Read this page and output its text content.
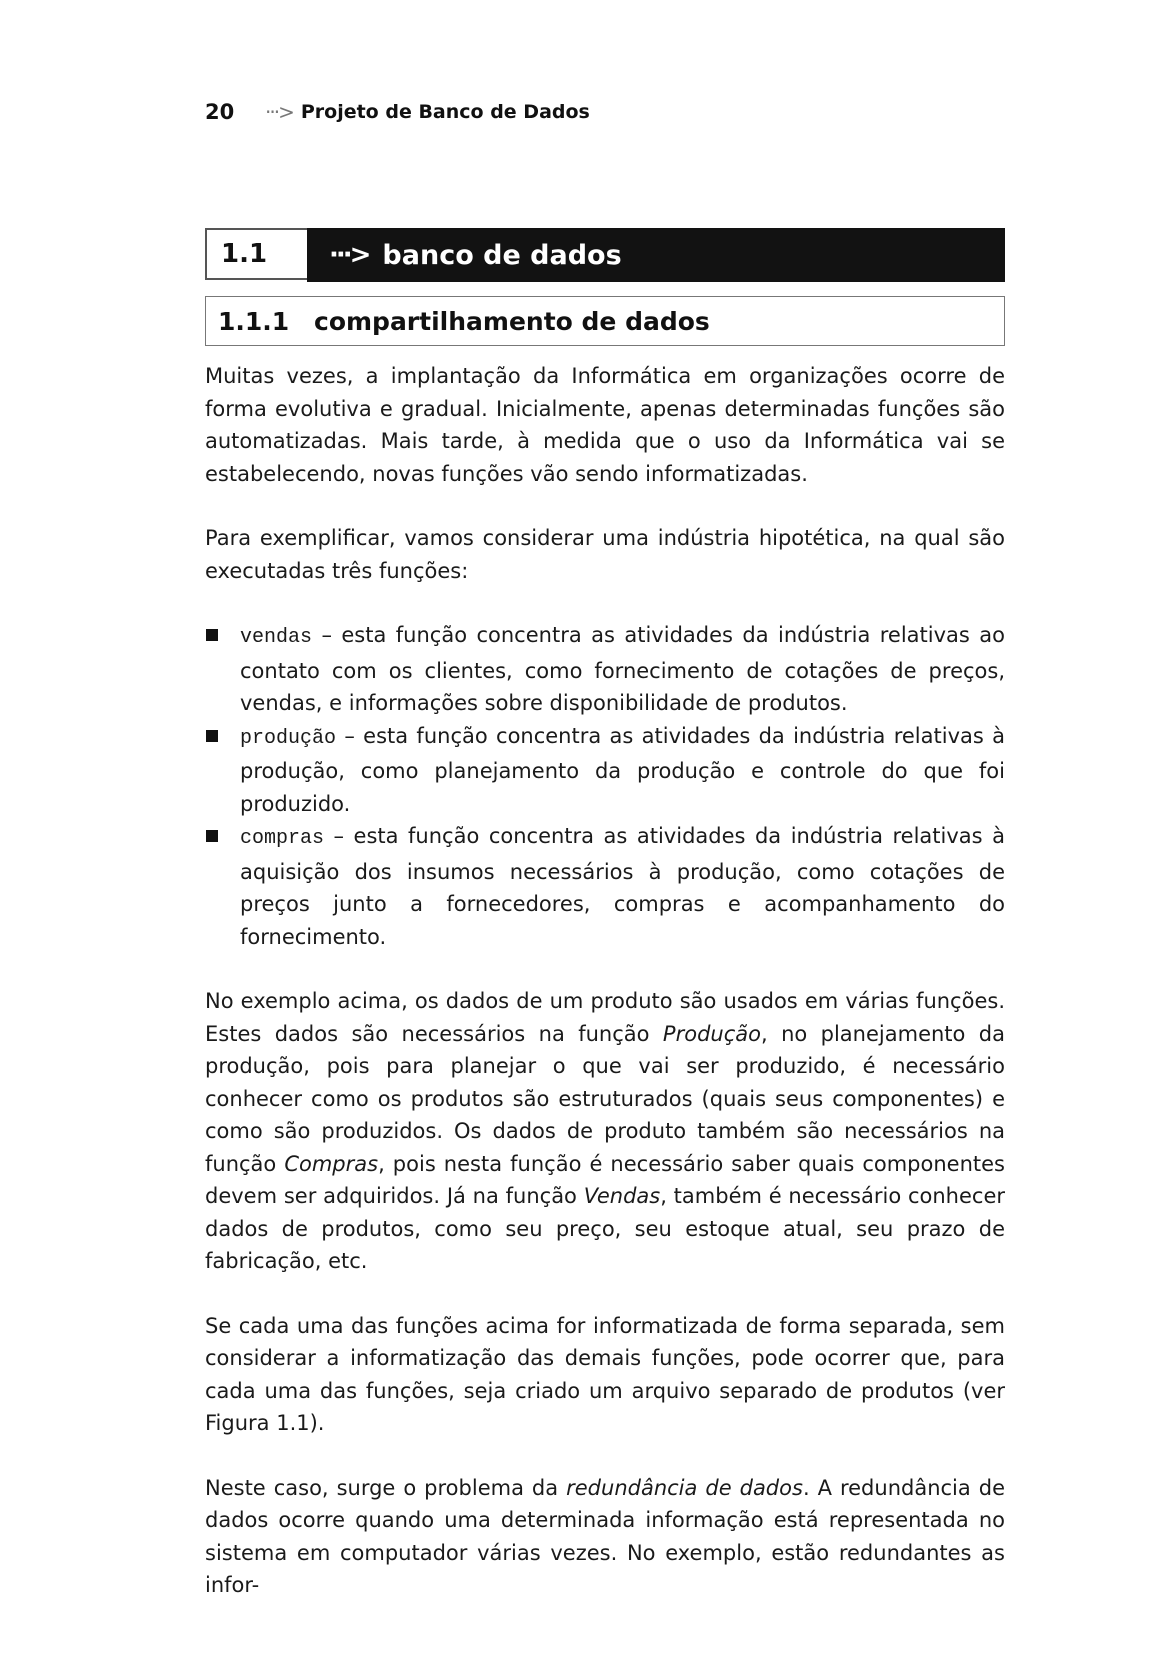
20	···> Projeto de Banco de Dados
1.1	···> banco de dados
1.1.1 compartilhamento de dados

Muitas vezes, a implantação da Informática em organizações ocorre de forma evolutiva e gradual. Inicialmente, apenas determinadas funções são automatizadas. Mais tarde, à medida que o uso da Informática vai se estabelecendo, novas funções vão sendo informatizadas.

Para exemplificar, vamos considerar uma indústria hipotética, na qual são executadas três funções:

vendas – esta função concentra as atividades da indústria relativas ao contato com os clientes, como fornecimento de cotações de preços, vendas, e informações sobre disponibilidade de produtos.
produção – esta função concentra as atividades da indústria relativas à produção, como planejamento da produção e controle do que foi produzido.
compras – esta função concentra as atividades da indústria relativas à aquisição dos insumos necessários à produção, como cotações de preços junto a fornecedores, compras e acompanhamento do fornecimento.

No exemplo acima, os dados de um produto são usados em várias funções. Estes dados são necessários na função Produção, no planejamento da produção, pois para planejar o que vai ser produzido, é necessário conhecer como os produtos são estruturados (quais seus componentes) e como são produzidos. Os dados de produto também são necessários na função Compras, pois nesta função é necessário saber quais componentes devem ser adquiridos. Já na função Vendas, também é necessário conhecer dados de produtos, como seu preço, seu estoque atual, seu prazo de fabricação, etc.

Se cada uma das funções acima for informatizada de forma separada, sem considerar a informatização das demais funções, pode ocorrer que, para cada uma das funções, seja criado um arquivo separado de produtos (ver Figura 1.1).

Neste caso, surge o problema da redundância de dados. A redundância de dados ocorre quando uma determinada informação está representada no sistema em computador várias vezes. No exemplo, estão redundantes as infor-
